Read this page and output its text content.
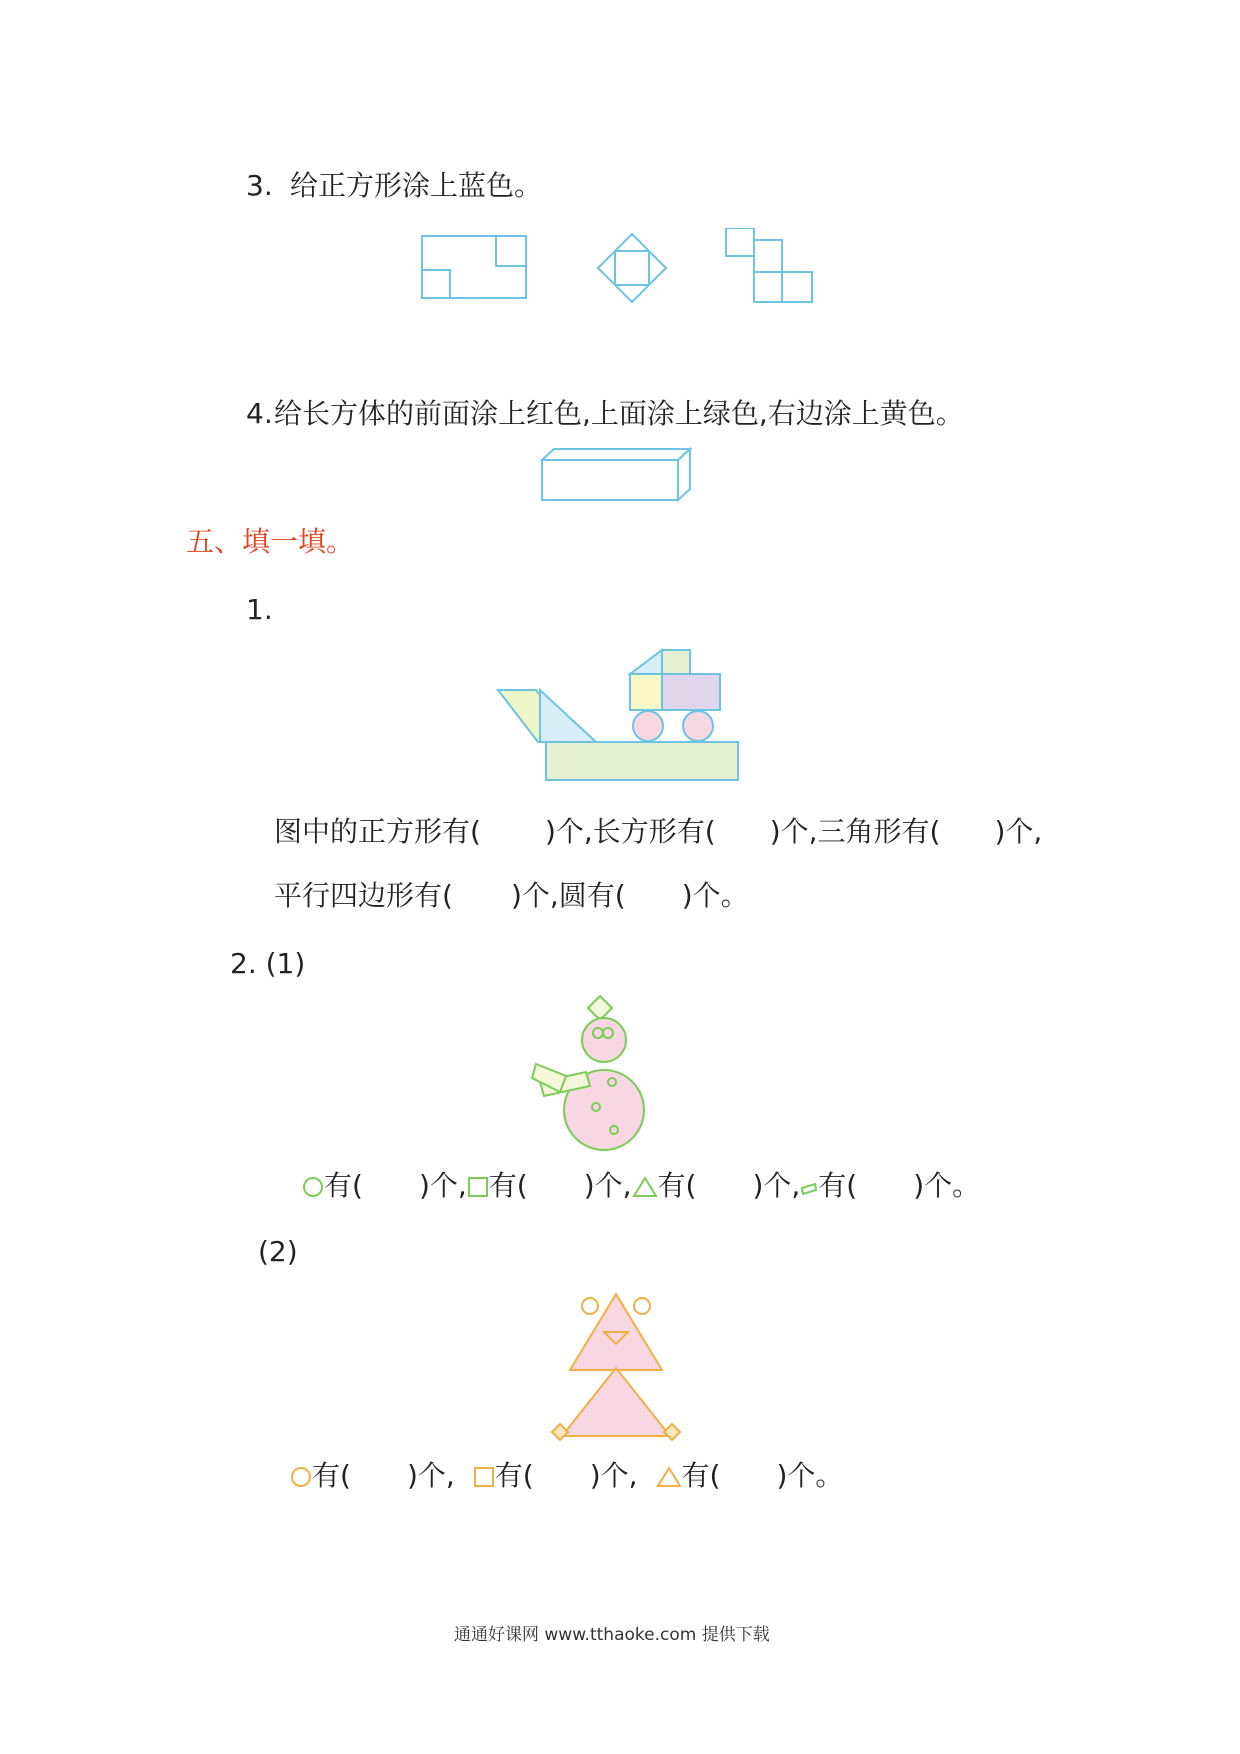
3. 给正方形涂上蓝色。
4. 给长方体的前面涂上红色,上面涂上绿色,右边涂上黄色。
五、填一填。
1.
图中的正方形有( )个,长方形有( )个,三角形有( )个,
平行四边形有( )个,圆有( )个。
2. (1)
有( )个, 有( )个, 有( )个, 有( )个。
(2)
有( )个, 有( )个, 有( )个。
通通好课网 www.tthaoke.com 提供下载
